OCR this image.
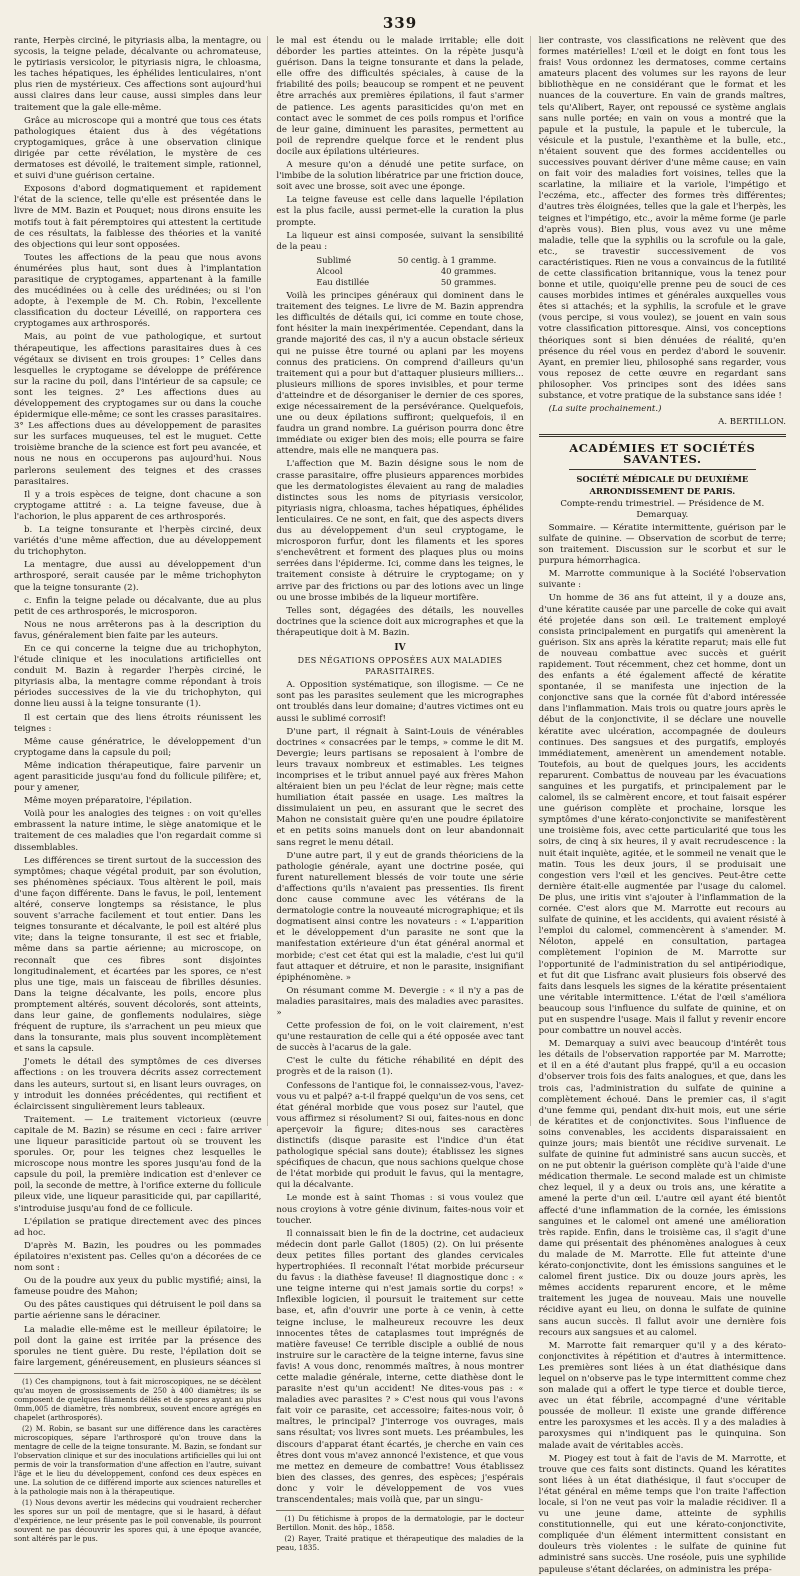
339

rante, Herpès circiné, le pityriasis alba, la mentagre, ou sycosis, la teigne pelade, décalvante ou achromateuse, le pytiriasis versicolor, le pityriasis nigra, le chloasma, les taches hépatiques, les éphélides lenticulaires, n'ont plus rien de mystérieux. Ces affections sont aujourd'hui aussi claires dans leur cause, aussi simples dans leur traitement que la gale elle-même.

Grâce au microscope qui a montré que tous ces états pathologiques étaient dus à des végétations cryptogamiques, grâce à une observation clinique dirigée par cette révélation, le mystère de ces dermatoses est dévoilé, le traitement simple, rationnel, et suivi d'une guérison certaine.

Exposons d'abord dogmatiquement et rapidement l'état de la science, telle qu'elle est présentée dans le livre de MM. Bazin et Pouquet; nous dirons ensuite les motifs tout à fait péremptoires qui attestent la certitude de ces résultats, la faiblesse des théories et la vanité des objections qui leur sont opposées.

Toutes les affections de la peau que nous avons énumérées plus haut, sont dues à l'implantation parasitique de cryptogames, appartenant à la famille des mucédinées ou à celle des urédinées; ou si l'on adopte, à l'exemple de M. Ch. Robin, l'excellente classification du docteur Léveillé, on rapportera ces cryptogames aux arthrosporés.

Mais, au point de vue pathologique, et surtout thérapeutique, les affections parasitaires dues à ces végétaux se divisent en trois groupes: 1° Celles dans lesquelles le cryptogame se développe de préférence sur la racine du poil, dans l'intérieur de sa capsule; ce sont les teignes. 2° Les affections dues au développement des cryptogames sur ou dans la couche épidermique elle-même; ce sont les crasses parasitaires. 3° Les affections dues au développement de parasites sur les surfaces muqueuses, tel est le muguet. Cette troisième branche de la science est fort peu avancée, et nous ne nous en occuperons pas aujourd'hui. Nous parlerons seulement des teignes et des crasses parasitaires.

Il y a trois espèces de teigne, dont chacune a son cryptogame attitré : a. La teigne faveuse, due à l'achorion, le plus apparent de ces arthrosporés.

b. La teigne tonsurante et l'herpès circiné, deux variétés d'une même affection, due au développement du trichophyton.

La mentagre, due aussi au développement d'un arthrosporé, serait causée par le même trichophyton que la teigne tonsurante (2).

c. Enfin la teigne pelade ou décalvante, due au plus petit de ces arthrosporés, le microsporon.

Nous ne nous arrêterons pas à la description du favus, généralement bien faite par les auteurs.

En ce qui concerne la teigne due au trichophyton, l'étude clinique et les inoculations artificielles ont conduit M. Bazin à regarder l'herpès circiné, le pityriasis alba, la mentagre comme répondant à trois périodes successives de la vie du trichophyton, qui donne lieu aussi à la teigne tonsurante (1).

Il est certain que des liens étroits réunissent les teignes :

Même cause génératrice, le développement d'un cryptogame dans la capsule du poil;

Même indication thérapeutique, faire parvenir un agent parasiticide jusqu'au fond du follicule pilifère; et, pour y amener,

Même moyen préparatoire, l'épilation.

Voilà pour les analogies des teignes : on voit qu'elles embrassent la nature intime, le siège anatomique et le traitement de ces maladies que l'on regardait comme si dissemblables.

Les différences se tirent surtout de la succession des symptômes; chaque végétal produit, par son évolution, ses phénomènes spéciaux. Tous altèrent le poil, mais d'une façon différente. Dans le favus, le poil, lentement altéré, conserve longtemps sa résistance, le plus souvent s'arrache facilement et tout entier. Dans les teignes tonsurante et décalvante, le poil est altéré plus vite; dans la teigne tonsurante, il est sec et friable, même dans sa partie aérienne; au microscope, on reconnaît que ces fibres sont disjointes longitudinalement, et écartées par les spores, ce n'est plus une tige, mais un faisceau de fibrilles désunies. Dans la teigne décalvante, les poils, encore plus promptement altérés, souvent décolorés, sont atteints, dans leur gaine, de gonflements nodulaires, siège fréquent de rupture, ils s'arrachent un peu mieux que dans la tonsurante, mais plus souvent incomplètement et sans la capsule.

J'omets le détail des symptômes de ces diverses affections : on les trouvera décrits assez correctement dans les auteurs, surtout si, en lisant leurs ouvrages, on y introduit les données précédentes, qui rectifient et éclaircissent singulièrement leurs tableaux.

Traitement. — Le traitement victorieux (œuvre capitale de M. Bazin) se résume en ceci : faire arriver une liqueur parasiticide partout où se trouvent les sporules. Or, pour les teignes chez lesquelles le microscope nous montre les spores jusqu'au fond de la capsule du poil, la première indication est d'enlever ce poil, la seconde de mettre, à l'orifice externe du follicule pileux vide, une liqueur parasiticide qui, par capillarité, s'introduise jusqu'au fond de ce follicule.

L'épilation se pratique directement avec des pinces ad hoc.

D'après M. Bazin, les poudres ou les pommades épilatoires n'existent pas. Celles qu'on a décorées de ce nom sont :

Ou de la poudre aux yeux du public mystifié; ainsi, la fameuse poudre des Mahon;

Ou des pâtes caustiques qui détruisent le poil dans sa partie aérienne sans le déraciner.

La maladie elle-même est le meilleur épilatoire; le poil dont la gaine est irritée par la présence des sporules ne tient guère. Du reste, l'épilation doit se faire largement, généreusement, en plusieurs séances si

(1) Ces champignons, tout à fait microscopiques, ne se décèlent qu'au moyen de grossissements de 250 à 400 diamètres; ils se composent de quelques filaments déliés et de spores ayant au plus 0mm,005 de diamètre, très nombreux, souvent encore agrégés en chapelet (arthrosporés).

(2) M. Robin, se basant sur une différence dans les caractères microscopiques, sépare l'arthrosporé qu'on trouve dans la mentagre de celle de la teigne tonsurante. M. Bazin, se fondant sur l'observation clinique et sur des inoculations artificielles qui lui ont permis de voir la transformation d'une affection en l'autre, suivant l'âge et le lieu du développement, confond ces deux espèces en une. La solution de ce différend importe aux sciences naturelles et à la pathologie mais non à la thérapeutique.

(1) Nous devons avertir les médecins qui voudraient rechercher les spores sur un poil de mentagre, que si le hasard, à défaut d'expérience, ne leur présente pas le poil convenable, ils pourront souvent ne pas découvrir les spores qui, à une époque avancée, sont altérés par le pus.

le mal est étendu ou le malade irritable; elle doit déborder les parties atteintes. On la répète jusqu'à guérison. Dans la teigne tonsurante et dans la pelade, elle offre des difficultés spéciales, à cause de la friabilité des poils; beaucoup se rompent et ne peuvent être arrachés aux premières épilations, il faut s'armer de patience. Les agents parasiticides qu'on met en contact avec le sommet de ces poils rompus et l'orifice de leur gaine, diminuent les parasites, permettent au poil de reprendre quelque force et le rendent plus docile aux épilations ultérieures.

A mesure qu'on a dénudé une petite surface, on l'imbibe de la solution libératrice par une friction douce, soit avec une brosse, soit avec une éponge.

La teigne faveuse est celle dans laquelle l'épilation est la plus facile, aussi permet-elle la curation la plus prompte.

La liqueur est ainsi composée, suivant la sensibilité de la peau :

Sublimé	50 centig. à 1 gramme.
Alcool	40 grammes.
Eau distillée	50 grammes.

Voilà les principes généraux qui dominent dans le traitement des teignes. Le livre de M. Bazin apprendra les difficultés de détails qui, ici comme en toute chose, font hésiter la main inexpérimentée. Cependant, dans la grande majorité des cas, il n'y a aucun obstacle sérieux qui ne puisse être tourné ou aplani par les moyens connus des praticiens. On comprend d'ailleurs qu'un traitement qui a pour but d'attaquer plusieurs milliers... plusieurs millions de spores invisibles, et pour terme d'atteindre et de désorganiser le dernier de ces spores, exige nécessairement de la persévérance. Quelquefois, une ou deux épilations suffiront; quelquefois, il en faudra un grand nombre. La guérison pourra donc être immédiate ou exiger bien des mois; elle pourra se faire attendre, mais elle ne manquera pas.

L'affection que M. Bazin désigne sous le nom de crasse parasitaire, offre plusieurs apparences morbides que les dermatologistes élevaient au rang de maladies distinctes sous les noms de pityriasis versicolor, pityriasis nigra, chloasma, taches hépatiques, éphélides lenticulaires. Ce ne sont, en fait, que des aspects divers dus au développement d'un seul cryptogame, le microsporon furfur, dont les filaments et les spores s'enchevêtrent et forment des plaques plus ou moins serrées dans l'épiderme. Ici, comme dans les teignes, le traitement consiste à détruire le cryptogame; on y arrive par des frictions ou par des lotions avec un linge ou une brosse imbibés de la liqueur mortifère.

Telles sont, dégagées des détails, les nouvelles doctrines que la science doit aux micrographes et que la thérapeutique doit à M. Bazin.

IV
DES NÉGATIONS OPPOSÉES AUX MALADIES PARASITAIRES.

A. Opposition systématique, son illogisme. — Ce ne sont pas les parasites seulement que les micrographes ont troublés dans leur domaine; d'autres victimes ont eu aussi le sublimé corrosif!

D'une part, il régnait à Saint-Louis de vénérables doctrines « consacrées par le temps, » comme le dit M. Devergie; leurs partisans se reposaient à l'ombre de leurs travaux nombreux et estimables. Les teignes incomprises et le tribut annuel payé aux frères Mahon altéraient bien un peu l'éclat de leur règne; mais cette humiliation était passée en usage. Les maîtres la dissimulaient un peu, en assurant que le secret des Mahon ne consistait guère qu'en une poudre épilatoire et en petits soins manuels dont on leur abandonnait sans regret le menu détail.

D'une autre part, il y eut de grands théoriciens de la pathologie générale, ayant une doctrine posée, qui furent naturellement blessés de voir toute une série d'affections qu'ils n'avaient pas pressenties. Ils firent donc cause commune avec les vétérans de la dermatologie contre la nouveauté micrographique; et ils dogmatisent ainsi contre les novateurs : « L'apparition et le développement d'un parasite ne sont que la manifestation extérieure d'un état général anormal et morbide; c'est cet état qui est la maladie, c'est lui qu'il faut attaquer et détruire, et non le parasite, insignifiant épiphénomène. »

On résumant comme M. Devergie : « il n'y a pas de maladies parasitaires, mais des maladies avec parasites. »

Cette profession de foi, on le voit clairement, n'est qu'une restauration de celle qui a été opposée avec tant de succès à l'acarus de la gale.

C'est le culte du fétiche réhabilité en dépit des progrès et de la raison (1).

Confessons de l'antique foi, le connaissez-vous, l'avez-vous vu et palpé? a-t-il frappé quelqu'un de vos sens, cet état général morbide que vous posez sur l'autel, que vous affirmez si résolument? Si oui, faites-nous en donc aperçevoir la figure; dites-nous ses caractères distinctifs (disque parasite est l'indice d'un état pathologique spécial sans doute); établissez les signes spécifiques de chacun, que nous sachions quelque chose de l'état morbide qui produit le favus, qui la mentagre, qui la décalvante.

Le monde est à saint Thomas : si vous voulez que nous croyions à votre génie divinum, faites-nous voir et toucher.

Il connaissait bien le fin de la doctrine, cet audacieux médecin dont parle Gallot (1805) (2). On lui présente deux petites filles portant des glandes cervicales hypertrophiées. Il reconnaît l'état morbide précurseur du favus : la diathèse faveuse! Il diagnostique donc : « une teigne interne qui n'est jamais sortie du corps! » Inflexible logicien, il poursuit le traitement sur cette base, et, afin d'ouvrir une porte à ce venin, à cette teigne incluse, le malheureux recouvre les deux innocentes têtes de cataplasmes tout imprégnés de matière faveuse! Ce terrible disciple a oublié de nous instruire sur le caractère de la teigne interne, favus sine favis! A vous donc, renommés maîtres, à nous montrer cette maladie générale, interne, cette diathèse dont le parasite n'est qu'un accident! Ne dites-vous pas : « maladies avec parasites ? » C'est nous qui vous l'avons fait voir ce parasite, cet accessoire; faites-nous voir, ô maîtres, le principal? J'interroge vos ouvrages, mais sans résultat; vos livres sont muets. Les préambules, les discours d'apparat étant écartés, je cherche en vain ces êtres dont vous m'avez annoncé l'existence, et que vous me mettez en demeure de combattre! Vous établissez bien des classes, des genres, des espèces; j'espérais donc y voir le développement de vos vues transcendentales; mais voilà que, par un singu-

(1) Du fétichisme à propos de la dermatologie, par le docteur Bertillon. Monit. des hôp., 1858.

(2) Rayer, Traité pratique et thérapeutique des maladies de la peau, 1835.

lier contraste, vos classifications ne relèvent que des formes matérielles! L'œil et le doigt en font tous les frais! Vous ordonnez les dermatoses, comme certains amateurs placent des volumes sur les rayons de leur bibliothèque en ne considérant que le format et les nuances de la couverture. En vain de grands maîtres, tels qu'Alibert, Rayer, ont repoussé ce système anglais sans nulle portée; en vain on vous a montré que la papule et la pustule, la papule et le tubercule, la vésicule et la pustule, l'exanthème et la bulle, etc., n'étaient souvent que des formes accidentelles ou successives pouvant dériver d'une même cause; en vain on fait voir des maladies fort voisines, telles que la scarlatine, la miliaire et la variole, l'impétigo et l'eczéma, etc., affecter des formes très différentes; d'autres très éloignées, telles que la gale et l'herpès, les teignes et l'impétigo, etc., avoir la même forme (je parle d'après vous). Bien plus, vous avez vu une même maladie, telle que la syphilis ou la scrofule ou la gale, etc., se travestir successivement de vos caractéristiques. Rien ne vous a convaincus de la futilité de cette classification britannique, vous la tenez pour bonne et utile, quoiqu'elle prenne peu de souci de ces causes morbides intimes et générales auxquelles vous êtes si attachés; et la syphilis, la scrofule et le grave (vous percipe, si vous voulez), se jouent en vain sous votre classification pittoresque. Ainsi, vos conceptions théoriques sont si bien dénuées de réalité, qu'en présence du réel vous en perdez d'abord le souvenir. Ayant, en premier lieu, philosophé sans regarder, vous vous reposez de cette œuvre en regardant sans philosopher. Vos principes sont des idées sans substance, et votre pratique de la substance sans idée !

(La suite prochainement.)

A. BERTILLON.
ACADÉMIES ET SOCIÉTÉS SAVANTES.
SOCIÉTÉ MÉDICALE DU DEUXIÈME ARRONDISSEMENT DE PARIS.

Compte-rendu trimestriel. — Présidence de M. Demarquay.

Sommaire. — Kératite intermittente, guérison par le sulfate de quinine. — Observation de scorbut de terre; son traitement. Discussion sur le scorbut et sur le purpura hémorrhagica.

M. Marrotte communique à la Société l'observation suivante :

Un homme de 36 ans fut atteint, il y a douze ans, d'une kératite causée par une parcelle de coke qui avait été projetée dans son œil. Le traitement employé consista principalement en purgatifs qui amenèrent la guérison. Six ans après la kératite reparut; mais elle fut de nouveau combattue avec succès et guérit rapidement. Tout récemment, chez cet homme, dont un des enfants a été également affecté de kératite spontanée, il se manifesta une injection de la conjonctive sans que la cornée fût d'abord intéressée dans l'inflammation. Mais trois ou quatre jours après le début de la conjonctivite, il se déclare une nouvelle kératite avec ulcération, accompagnée de douleurs continues. Des sangsues et des purgatifs, employés immédiatement, amenèrent un amendement notable. Toutefois, au bout de quelques jours, les accidents reparurent. Combattus de nouveau par les évacuations sanguines et les purgatifs, et principalement par le calomel, ils se calmèrent encore, et tout faisait espérer une guérison complète et prochaine, lorsque les symptômes d'une kérato-conjonctivite se manifestèrent une troisième fois, avec cette particularité que tous les soirs, de cinq à six heures, il y avait recrudescence : la nuit était inquiète, agitée, et le sommeil ne venait que le matin. Tous les deux jours, il se produisait une congestion vers l'œil et les gencives. Peut-être cette dernière était-elle augmentée par l'usage du calomel. De plus, une iritis vint s'ajouter à l'inflammation de la cornée. C'est alors que M. Marrotte eut recours au sulfate de quinine, et les accidents, qui avaient résisté à l'emploi du calomel, commencèrent à s'amender. M. Néloton, appelé en consultation, partagea complètement l'opinion de M. Marrotte sur l'opportunité de l'administration du sel antipériodique, et fut dit que Lisfranc avait plusieurs fois observé des faits dans lesquels les signes de la kératite présentaient une véritable intermittence. L'état de l'œil s'améliora beaucoup sous l'influence du sulfate de quinine, et on put en suspendre l'usage. Mais il fallut y revenir encore pour combattre un nouvel accès.

M. Demarquay a suivi avec beaucoup d'intérêt tous les détails de l'observation rapportée par M. Marrotte; et il en a été d'autant plus frappé, qu'il a eu occasion d'observer trois fois des faits analogues, et que, dans les trois cas, l'administration du sulfate de quinine a complètement échoué. Dans le premier cas, il s'agit d'une femme qui, pendant dix-huit mois, eut une série de kératites et de conjonctivites. Sous l'influence de soins convenables, les accidents disparaissaient en quinze jours; mais bientôt une récidive survenait. Le sulfate de quinine fut administré sans aucun succès, et on ne put obtenir la guérison complète qu'à l'aide d'une médication thermale. Le second malade est un chimiste chez lequel, il y a deux ou trois ans, une kératite a amené la perte d'un œil. L'autre œil ayant été bientôt affecté d'une inflammation de la cornée, les émissions sanguines et le calomel ont amené une amélioration très rapide. Enfin, dans le troisième cas, il s'agit d'une dame qui présentait des phénomènes analogues à ceux du malade de M. Marrotte. Elle fut atteinte d'une kérato-conjonctivite, dont les émissions sanguines et le calomel firent justice. Dix ou douze jours après, les mêmes accidents reparurent encore, et le même traitement les jugea de nouveau. Mais une nouvelle récidive ayant eu lieu, on donna le sulfate de quinine sans aucun succès. Il fallut avoir une dernière fois recours aux sangsues et au calomel.

M. Marrotte fait remarquer qu'il y a des kérato-conjonctivites à répétition et d'autres à intermittence. Les premières sont liées à un état diathésique dans lequel on n'observe pas le type intermittent comme chez son malade qui a offert le type tierce et double tierce, avec un état fébrile, accompagné d'une véritable poussée de molleur. Il existe une grande différence entre les paroxysmes et les accès. Il y a des maladies à paroxysmes qui n'indiquent pas le quinquina. Son malade avait de véritables accès.

M. Piogey est tout à fait de l'avis de M. Marrotte, et trouve que ces faits sont distincts. Quand les kératites sont liées à un état diathésique, il faut s'occuper de l'état général en même temps que l'on traite l'affection locale, si l'on ne veut pas voir la maladie récidiver. Il a vu une jeune dame, atteinte de syphilis constitutionnelle, qui eut une kérato-conjonctivite, compliquée d'un élément intermittent consistant en douleurs très violentes : le sulfate de quinine fut administré sans succès. Une roséole, puis une syphilide papuleuse s'étant déclarées, on administra les prépa-
